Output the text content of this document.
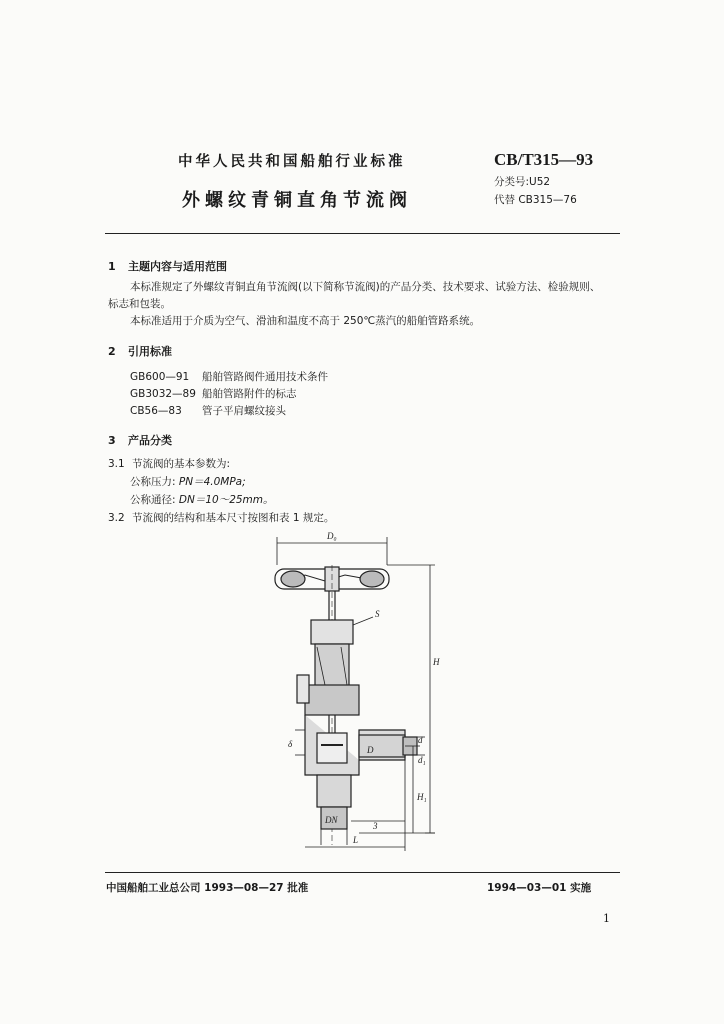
中华人民共和国船舶行业标准
外螺纹青铜直角节流阀
CB/T315—93
分类号:U52
代替 CB315—76
1 主题内容与适用范围
本标准规定了外螺纹青铜直角节流阀(以下简称节流阀)的产品分类、技术要求、试验方法、检验规则、
标志和包装。
本标准适用于介质为空气、滑油和温度不高于 250℃蒸汽的船舶管路系统。
2 引用标准
GB600—91 船舶管路阀件通用技术条件
GB3032—89 船舶管路附件的标志
CB56—83 管子平肩螺纹接头
3 产品分类
3.1 节流阀的基本参数为:
公称压力: PN＝4.0MPa;
公称通径: DN＝10～25mm。
3.2 节流阀的结构和基本尺寸按图和表 1 规定。
D₀
S
H
H₁
D
d
d₁
δ
DN
3
L
中国船舶工业总公司 1993—08—27 批准	1994—03—01 实施
1
